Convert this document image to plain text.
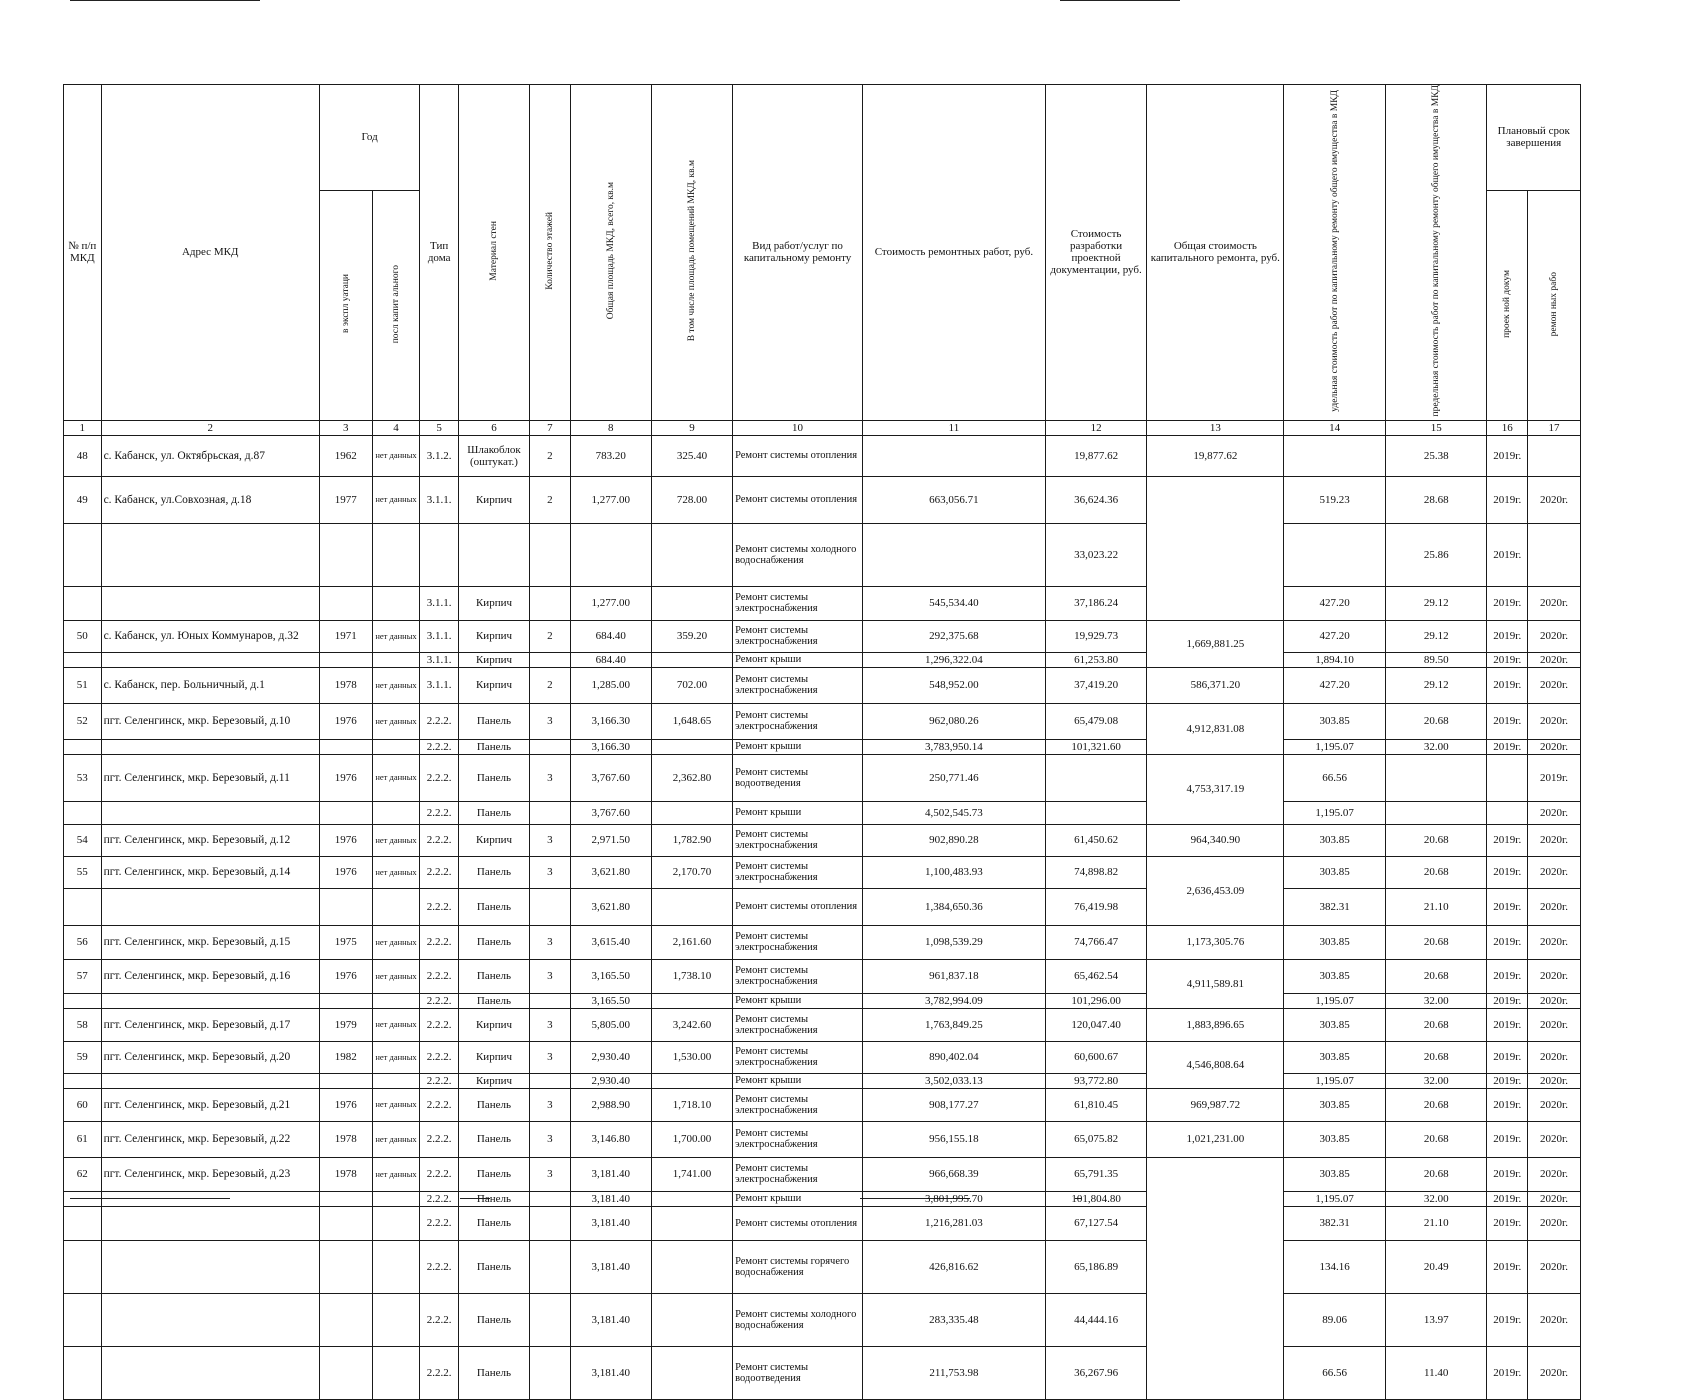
№ п/п МКД	Адрес МКД	Год		Тип дома	Материал стен	Количество этажей	Общая площадь МКД, всего, кв.м	В том числе площадь помещений МКД, кв.м	Вид работ/услуг по капитальному ремонту	Стоимость ремонтных работ, руб.	Стоимость разработки проектной документации, руб.	Общая стоимость капитального ремонта, руб.	удельная стоимость работ по капитальному ремонту общего имущества в МКД	предельная стоимость работ по капитальному ремонту общего имущества в МКД	Плановый срок завершения	
		в экспл уатаци	посл капит ального												проек ной докум	ремон ных рабо
1	2	3	4	5	6	7	8	9	10	11	12	13	14	15	16	17
48	с. Кабанск, ул. Октябрьская, д.87	1962	нет данных	3.1.2.	Шлакоблок (оштукат.)	2	783.20	325.40	Ремонт системы отопления		19,877.62	19,877.62		25.38	2019г.	
49	с. Кабанск, ул.Совхозная, д.18	1977	нет данных	3.1.1.	Кирпич	2	1,277.00	728.00	Ремонт системы отопления	663,056.71	36,624.36		519.23	28.68	2019г.	2020г.
									Ремонт системы холодного водоснабжения		33,023.22			25.86	2019г.	
				3.1.1.	Кирпич		1,277.00		Ремонт системы электроснабжения	545,534.40	37,186.24		427.20	29.12	2019г.	2020г.
50	с. Кабанск, ул. Юных Коммунаров, д.32	1971	нет данных	3.1.1.	Кирпич	2	684.40	359.20	Ремонт системы электроснабжения	292,375.68	19,929.73	1,669,881.25	427.20	29.12	2019г.	2020г.
				3.1.1.	Кирпич		684.40		Ремонт крыши	1,296,322.04	61,253.80		1,894.10	89.50	2019г.	2020г.
51	с. Кабанск, пер. Больничный, д.1	1978	нет данных	3.1.1.	Кирпич	2	1,285.00	702.00	Ремонт системы электроснабжения	548,952.00	37,419.20	586,371.20	427.20	29.12	2019г.	2020г.
52	пгт. Селенгинск, мкр. Березовый, д.10	1976	нет данных	2.2.2.	Панель	3	3,166.30	1,648.65	Ремонт системы электроснабжения	962,080.26	65,479.08	4,912,831.08	303.85	20.68	2019г.	2020г.
				2.2.2.	Панель		3,166.30		Ремонт крыши	3,783,950.14	101,321.60		1,195.07	32.00	2019г.	2020г.
53	пгт. Селенгинск, мкр. Березовый, д.11	1976	нет данных	2.2.2.	Панель	3	3,767.60	2,362.80	Ремонт системы водоотведения	250,771.46		4,753,317.19	66.56			2019г.
				2.2.2.	Панель		3,767.60		Ремонт крыши	4,502,545.73			1,195.07			2020г.
54	пгт. Селенгинск, мкр. Березовый, д.12	1976	нет данных	2.2.2.	Кирпич	3	2,971.50	1,782.90	Ремонт системы электроснабжения	902,890.28	61,450.62	964,340.90	303.85	20.68	2019г.	2020г.
55	пгт. Селенгинск, мкр. Березовый, д.14	1976	нет данных	2.2.2.	Панель	3	3,621.80	2,170.70	Ремонт системы электроснабжения	1,100,483.93	74,898.82	2,636,453.09	303.85	20.68	2019г.	2020г.
				2.2.2.	Панель		3,621.80		Ремонт системы отопления	1,384,650.36	76,419.98		382.31	21.10	2019г.	2020г.
56	пгт. Селенгинск, мкр. Березовый, д.15	1975	нет данных	2.2.2.	Панель	3	3,615.40	2,161.60	Ремонт системы электроснабжения	1,098,539.29	74,766.47	1,173,305.76	303.85	20.68	2019г.	2020г.
57	пгт. Селенгинск, мкр. Березовый, д.16	1976	нет данных	2.2.2.	Панель	3	3,165.50	1,738.10	Ремонт системы электроснабжения	961,837.18	65,462.54	4,911,589.81	303.85	20.68	2019г.	2020г.
				2.2.2.	Панель		3,165.50		Ремонт крыши	3,782,994.09	101,296.00		1,195.07	32.00	2019г.	2020г.
58	пгт. Селенгинск, мкр. Березовый, д.17	1979	нет данных	2.2.2.	Кирпич	3	5,805.00	3,242.60	Ремонт системы электроснабжения	1,763,849.25	120,047.40	1,883,896.65	303.85	20.68	2019г.	2020г.
59	пгт. Селенгинск, мкр. Березовый, д.20	1982	нет данных	2.2.2.	Кирпич	3	2,930.40	1,530.00	Ремонт системы электроснабжения	890,402.04	60,600.67	4,546,808.64	303.85	20.68	2019г.	2020г.
				2.2.2.	Кирпич		2,930.40		Ремонт крыши	3,502,033.13	93,772.80		1,195.07	32.00	2019г.	2020г.
60	пгт. Селенгинск, мкр. Березовый, д.21	1976	нет данных	2.2.2.	Панель	3	2,988.90	1,718.10	Ремонт системы электроснабжения	908,177.27	61,810.45	969,987.72	303.85	20.68	2019г.	2020г.
61	пгт. Селенгинск, мкр. Березовый, д.22	1978	нет данных	2.2.2.	Панель	3	3,146.80	1,700.00	Ремонт системы электроснабжения	956,155.18	65,075.82	1,021,231.00	303.85	20.68	2019г.	2020г.
62	пгт. Селенгинск, мкр. Березовый, д.23	1978	нет данных	2.2.2.	Панель	3	3,181.40	1,741.00	Ремонт системы электроснабжения	966,668.39	65,791.35		303.85	20.68	2019г.	2020г.
				2.2.2.	Панель		3,181.40		Ремонт крыши	3,801,995.70	101,804.80		1,195.07	32.00	2019г.	2020г.
				2.2.2.	Панель		3,181.40		Ремонт системы отопления	1,216,281.03	67,127.54		382.31	21.10	2019г.	2020г.
				2.2.2.	Панель		3,181.40		Ремонт системы горячего водоснабжения	426,816.62	65,186.89		134.16	20.49	2019г.	2020г.
				2.2.2.	Панель		3,181.40		Ремонт системы холодного водоснабжения	283,335.48	44,444.16		89.06	13.97	2019г.	2020г.
				2.2.2.	Панель		3,181.40		Ремонт системы водоотведения	211,753.98	36,267.96		66.56	11.40	2019г.	2020г.
